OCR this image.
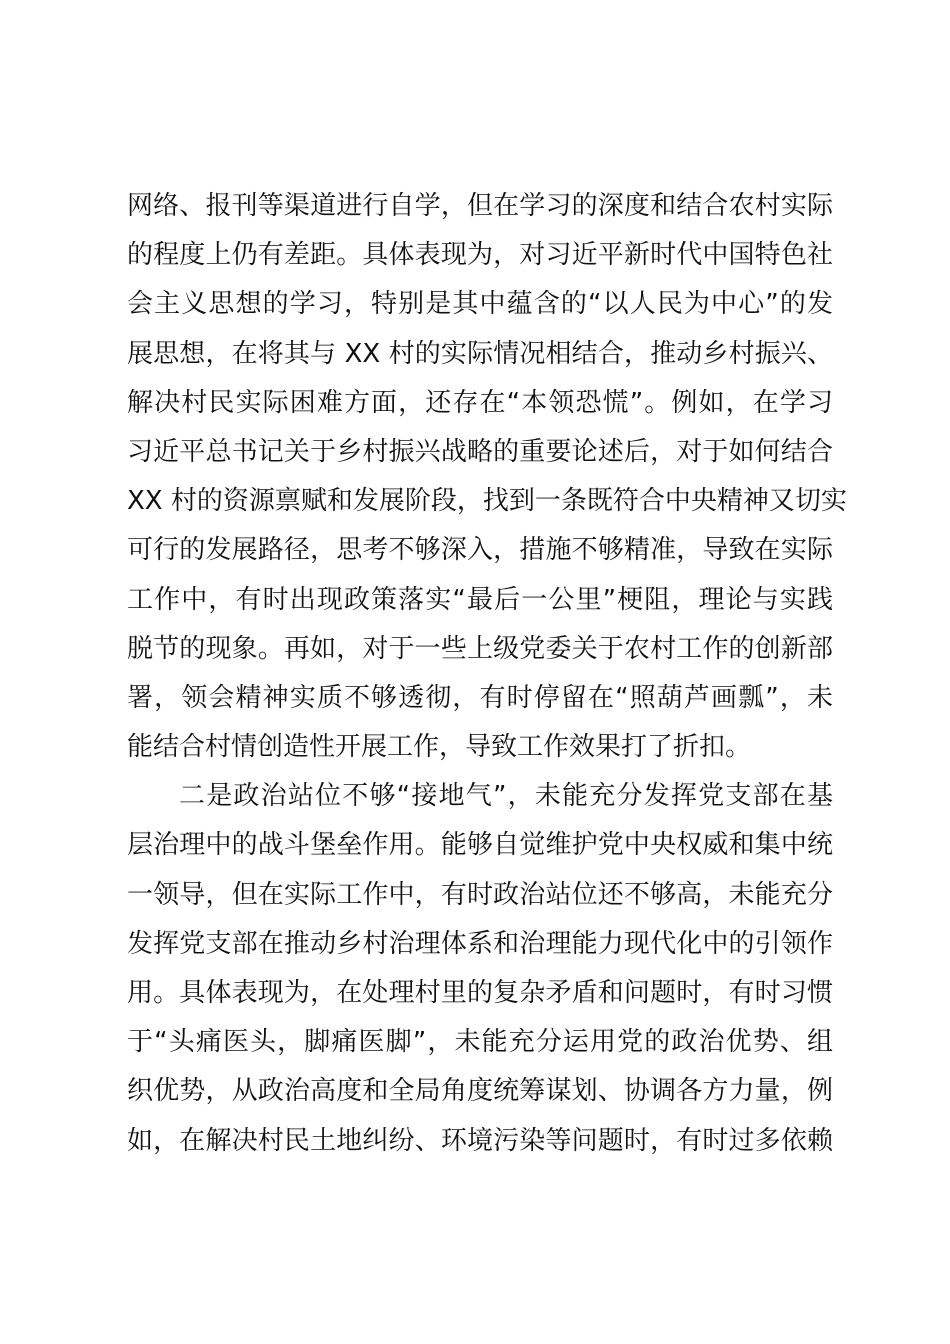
网络、报刊等渠道进行自学，但在学习的深度和结合农村实际
的程度上仍有差距。具体表现为，对习近平新时代中国特色社
会主义思想的学习，特别是其中蕴含的“以人民为中心”的发
展思想，在将其与 XX 村的实际情况相结合，推动乡村振兴、
解决村民实际困难方面，还存在“本领恐慌”。例如，在学习
习近平总书记关于乡村振兴战略的重要论述后，对于如何结合
XX 村的资源禀赋和发展阶段，找到一条既符合中央精神又切实
可行的发展路径，思考不够深入，措施不够精准，导致在实际
工作中，有时出现政策落实“最后一公里”梗阻，理论与实践
脱节的现象。再如，对于一些上级党委关于农村工作的创新部
署，领会精神实质不够透彻，有时停留在“照葫芦画瓢”，未
能结合村情创造性开展工作，导致工作效果打了折扣。
二是政治站位不够“接地气”，未能充分发挥党支部在基
层治理中的战斗堡垒作用。能够自觉维护党中央权威和集中统
一领导，但在实际工作中，有时政治站位还不够高，未能充分
发挥党支部在推动乡村治理体系和治理能力现代化中的引领作
用。具体表现为，在处理村里的复杂矛盾和问题时，有时习惯
于“头痛医头，脚痛医脚”，未能充分运用党的政治优势、组
织优势，从政治高度和全局角度统筹谋划、协调各方力量，例
如，在解决村民土地纠纷、环境污染等问题时，有时过多依赖
